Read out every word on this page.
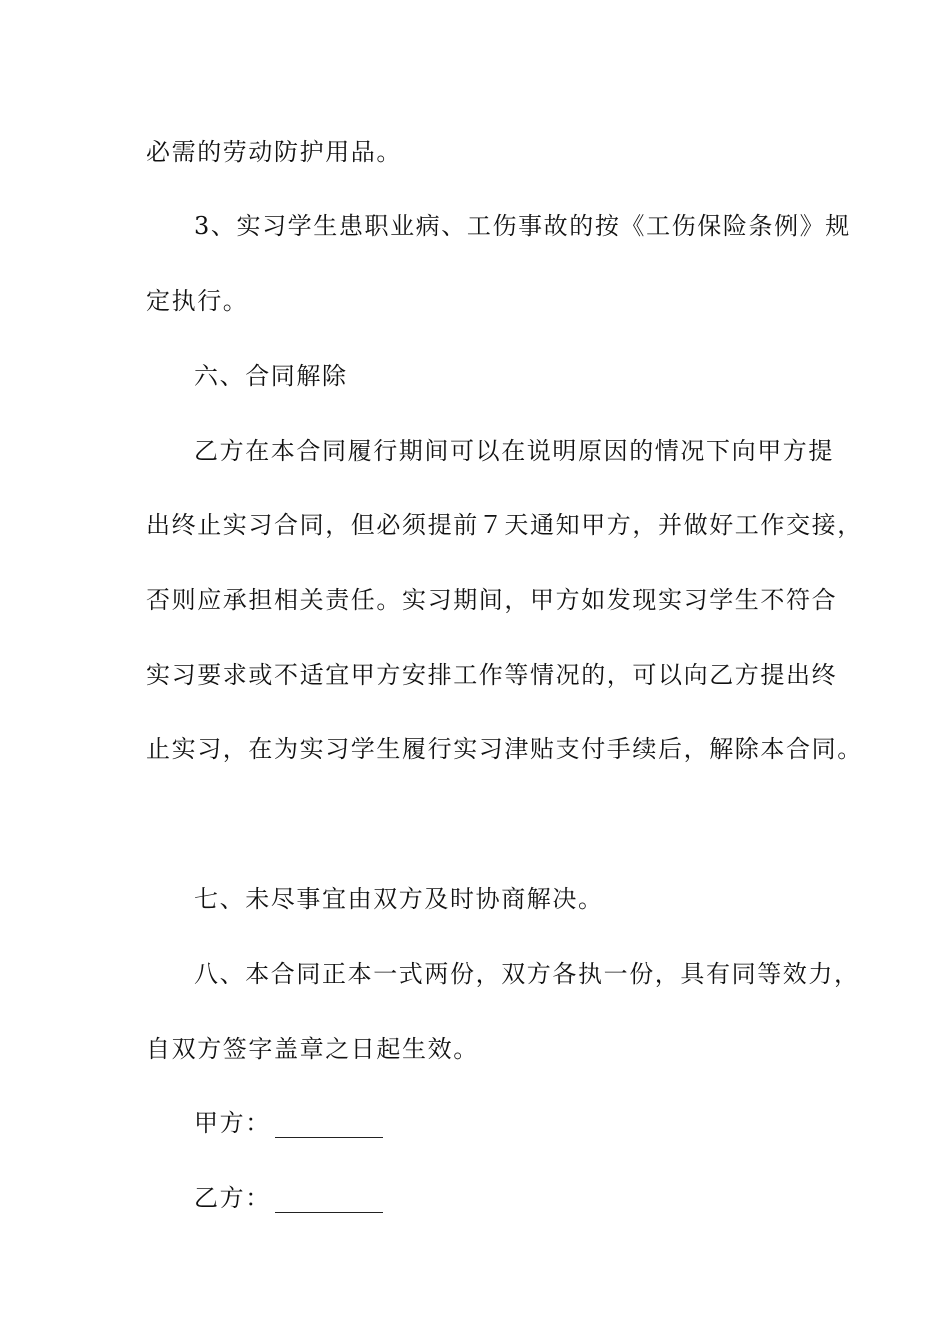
必需的劳动防护用品。
3、实习学生患职业病、工伤事故的按《工伤保险条例》规
定执行。
六、合同解除
乙方在本合同履行期间可以在说明原因的情况下向甲方提
出终止实习合同，但必须提前７天通知甲方，并做好工作交接，
否则应承担相关责任。实习期间，甲方如发现实习学生不符合
实习要求或不适宜甲方安排工作等情况的，可以向乙方提出终
止实习，在为实习学生履行实习津贴支付手续后，解除本合同。
七、未尽事宜由双方及时协商解决。
八、本合同正本一式两份，双方各执一份，具有同等效力，
自双方签字盖章之日起生效。
甲方：
乙方：
